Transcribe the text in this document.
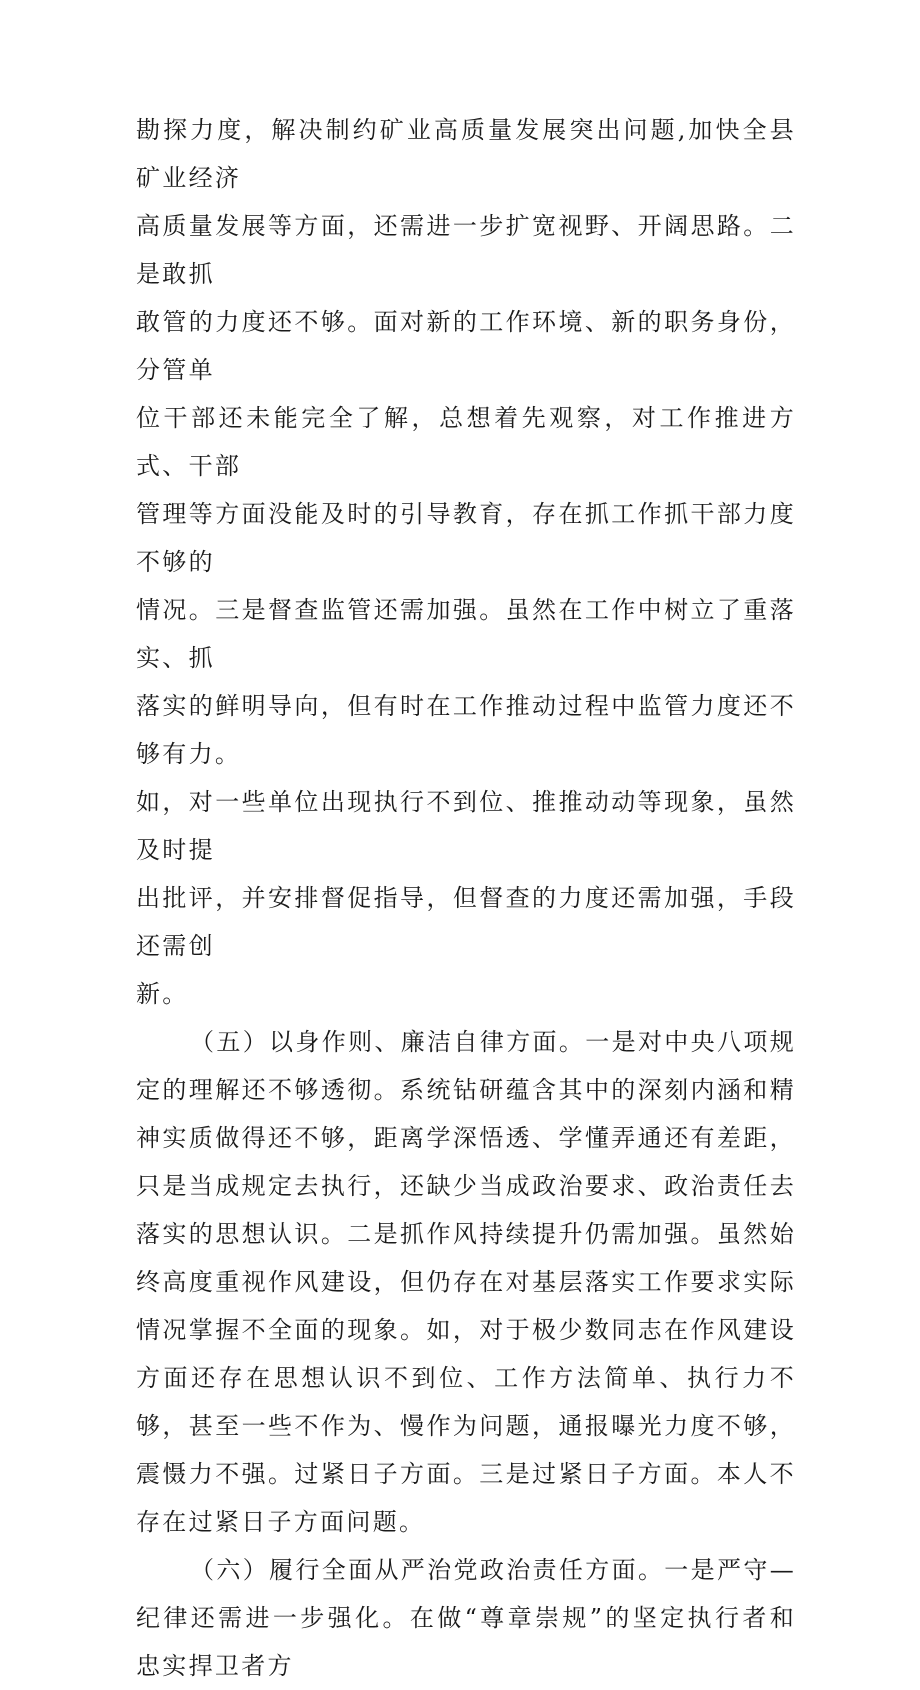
勘探力度，解决制约矿业高质量发展突出问题,加快全县矿业经济
高质量发展等方面，还需进一步扩宽视野、开阔思路。二是敢抓
敢管的力度还不够。面对新的工作环境、新的职务身份，分管单
位干部还未能完全了解，总想着先观察，对工作推进方式、干部
管理等方面没能及时的引导教育，存在抓工作抓干部力度不够的
情况。三是督查监管还需加强。虽然在工作中树立了重落实、抓
落实的鲜明导向，但有时在工作推动过程中监管力度还不够有力。
如，对一些单位出现执行不到位、推推动动等现象，虽然及时提
出批评，并安排督促指导，但督查的力度还需加强，手段还需创
新。

（五）以身作则、廉洁自律方面。一是对中央八项规定的理解还不够透彻。系统钻研蕴含其中的深刻内涵和精神实质做得还不够，距离学深悟透、学懂弄通还有差距，只是当成规定去执行，还缺少当成政治要求、政治责任去落实的思想认识。二是抓作风持续提升仍需加强。虽然始终高度重视作风建设，但仍存在对基层落实工作要求实际情况掌握不全面的现象。如，对于极少数同志在作风建设方面还存在思想认识不到位、工作方法简单、执行力不够，甚至一些不作为、慢作为问题，通报曝光力度不够，震慑力不强。过紧日子方面。三是过紧日子方面。本人不存在过紧日子方面问题。

（六）履行全面从严治党政治责任方面。一是严守—纪律还需进一步强化。在做“尊章崇规”的坚定执行者和忠实捍卫者方
